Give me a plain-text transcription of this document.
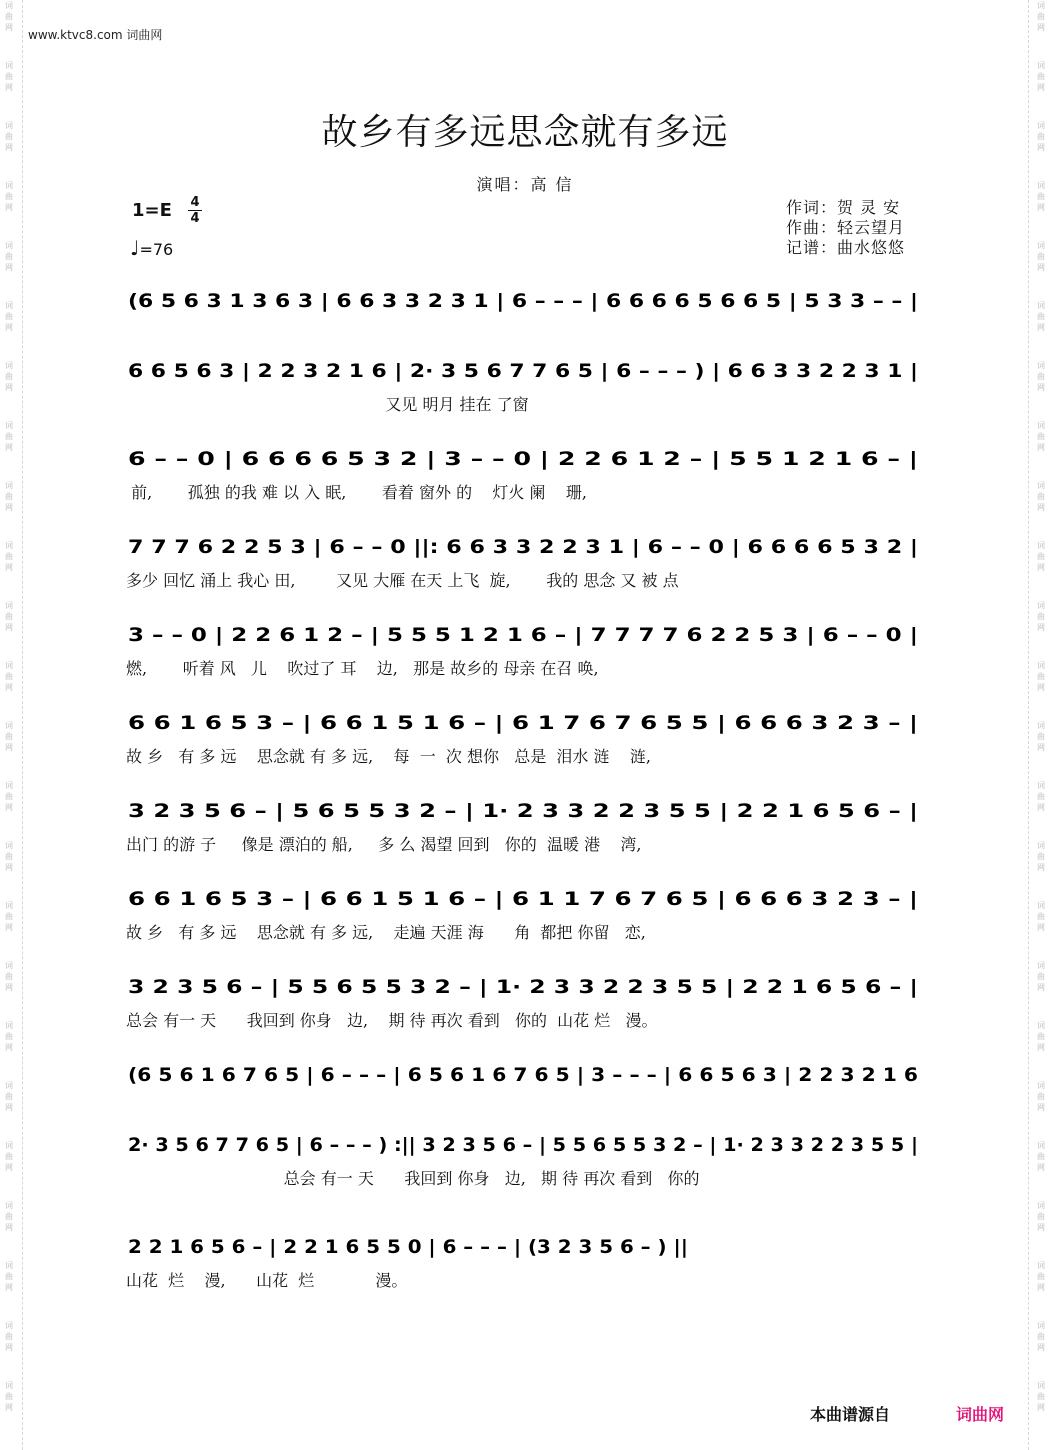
词
曲
网
词
曲
网
词
曲
网
词
曲
网
词
曲
网
词
曲
网
词
曲
网
词
曲
网
词
曲
网
词
曲
网
词
曲
网
词
曲
网
词
曲
网
词
曲
网
词
曲
网
词
曲
网
词
曲
网
词
曲
网
词
曲
网
词
曲
网
词
曲
网
词
曲
网
词
曲
网
词
曲
网
词
曲
网
词
曲
网
词
曲
网
词
曲
网
词
曲
网
词
曲
网
词
曲
网
词
曲
网
词
曲
网
词
曲
网
词
曲
网
词
曲
网
词
曲
网
词
曲
网
词
曲
网
词
曲
网
词
曲
网
词
曲
网
词
曲
网
词
曲
网
词
曲
网
词
曲
网
词
曲
网
词
曲
网
www.ktvc8.com 词曲网
故乡有多远思念就有多远
演唱：高 信
作词：贺 灵 安
作曲：轻云望月
记谱：曲水悠悠
1=E 4
4
♩=76
(6 5 6 3 1 3 6 3 | 6 6 3 3 2 3 1 | 6 – – – | 6 6 6 6 5 6 6 5 | 5 3 3 – – |
6 6 5 6 3 | 2 2 3 2 1 6 | 2· 3 5 6 7 7 6 5 | 6 – – – ) | 6 6 3 3 2 2 3 1 |
又见 明月 挂在 了窗
6 – – 0 | 6 6 6 6 5 3 2 | 3 – – 0 | 2 2 6 1 2 – | 5 5 1 2 1 6 – |
前,       孤独 的我 难 以 入 眠,       看着 窗外 的    灯火 阑    珊,
7 7 7 6 2 2 5 3 | 6 – – 0 ||: 6 6 3 3 2 2 3 1 | 6 – – 0 | 6 6 6 6 5 3 2 |
多少 回忆 涌上 我心 田,        又见 大雁 在天 上飞  旋,       我的 思念 又 被 点
3 – – 0 | 2 2 6 1 2 – | 5 5 5 1 2 1 6 – | 7 7 7 7 6 2 2 5 3 | 6 – – 0 |
燃,       听着 风   儿    吹过了 耳    边,   那是 故乡的 母亲 在召 唤,
6 6 1 6 5 3 – | 6 6 1 5 1 6 – | 6 1 7 6 7 6 5 5 | 6 6 6 3 2 3 – |
故 乡   有 多 远    思念就 有 多 远,    每  一  次 想你   总是  泪水 涟    涟,
3 2 3 5 6 – | 5 6 5 5 3 2 – | 1· 2 3 3 2 2 3 5 5 | 2 2 1 6 5 6 – |
出门 的游 子     像是 漂泊的 船,     多 么 渴望 回到   你的  温暖 港    湾,
6 6 1 6 5 3 – | 6 6 1 5 1 6 – | 6 1 1 7 6 7 6 5 | 6 6 6 3 2 3 – |
故 乡   有 多 远    思念就 有 多 远,    走遍 天涯 海      角  都把 你留   恋,
3 2 3 5 6 – | 5 5 6 5 5 3 2 – | 1· 2 3 3 2 2 3 5 5 | 2 2 1 6 5 6 – |
总会 有一 天      我回到 你身   边,    期 待 再次 看到   你的  山花 烂   漫。
(6 5 6 1 6 7 6 5 | 6 – – – | 6 5 6 1 6 7 6 5 | 3 – – – | 6 6 5 6 3 | 2 2 3 2 1 6
2· 3 5 6 7 7 6 5 | 6 – – – ) :|| 3 2 3 5 6 – | 5 5 6 5 5 3 2 – | 1· 2 3 3 2 2 3 5 5 |
总会 有一 天      我回到 你身   边,   期 待 再次 看到   你的
2 2 1 6 5 6 – | 2 2 1 6 5 5 0 | 6 – – – | (3 2 3 5 6 – ) ||
山花  烂    漫,      山花  烂            漫。
本曲谱源自	词曲网
